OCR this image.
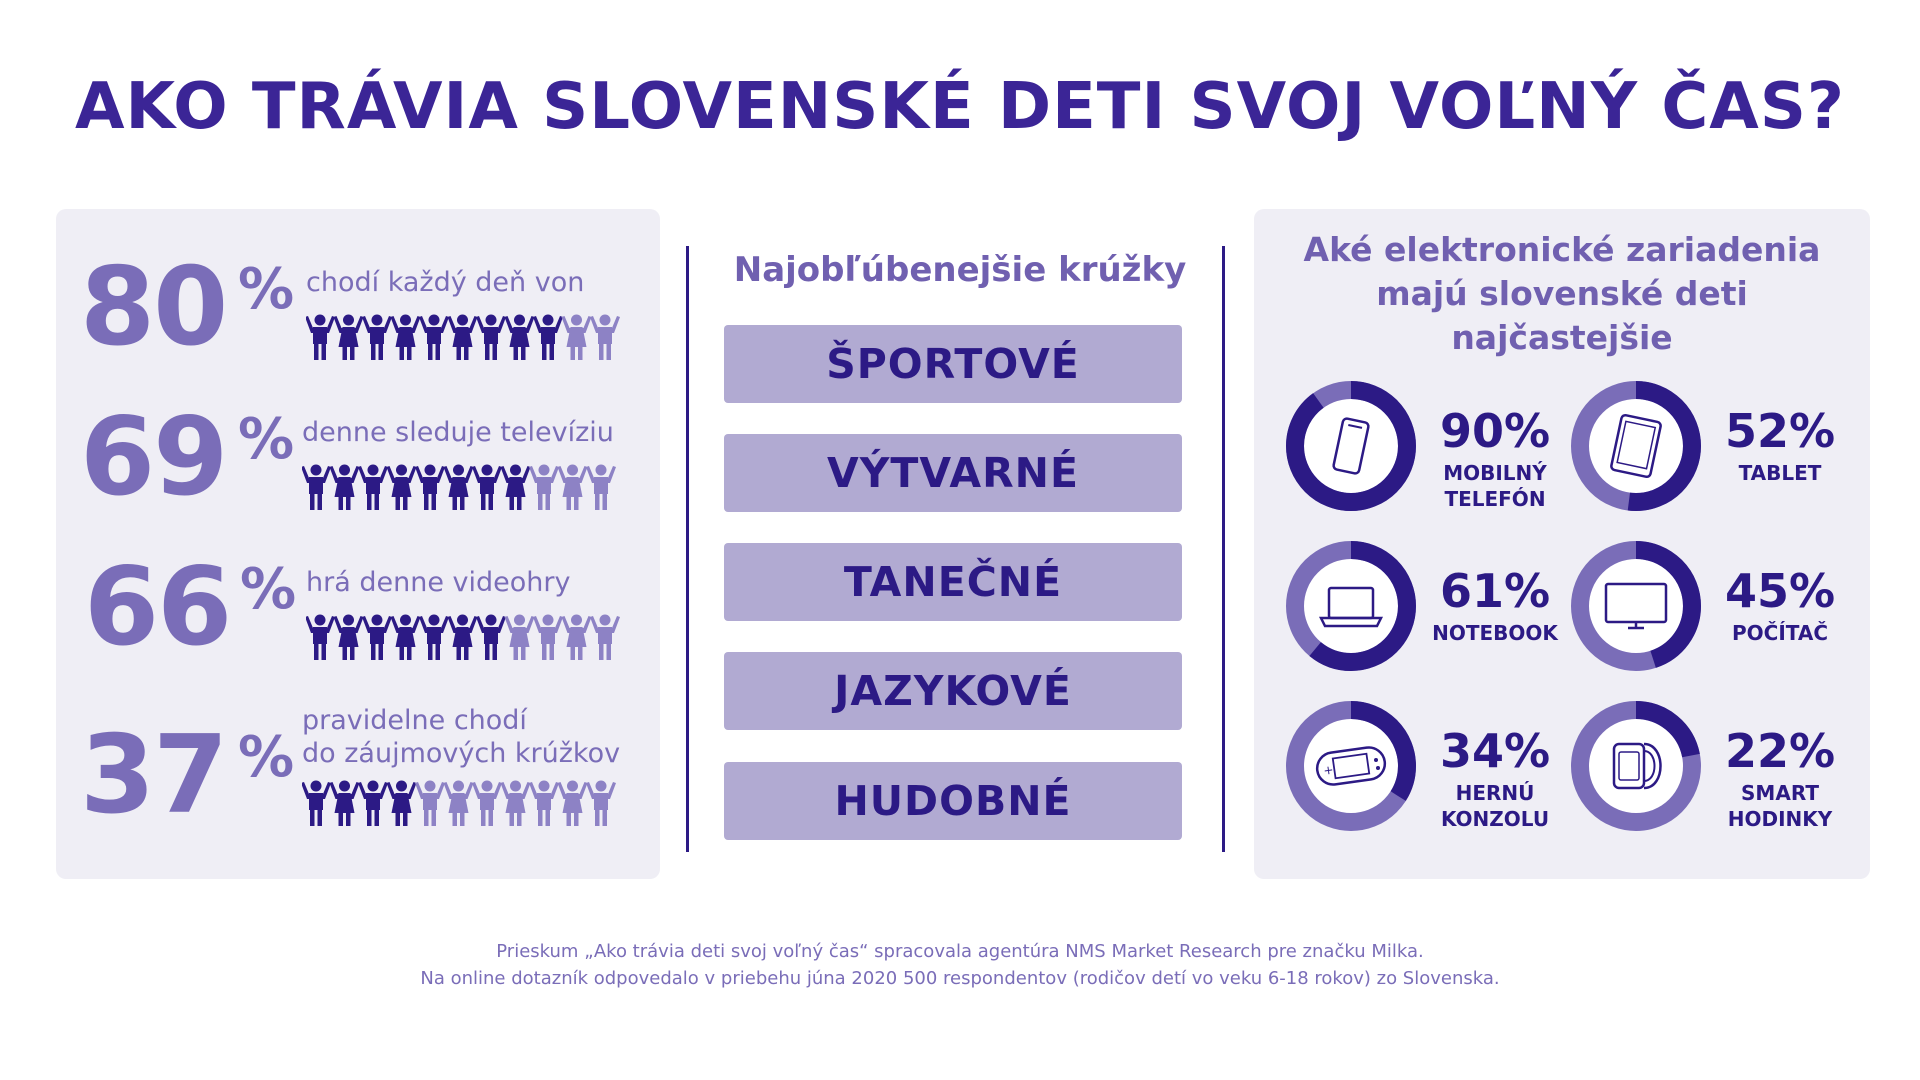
AKO TRÁVIA SLOVENSKÉ DETI SVOJ VOĽNÝ ČAS?
80 % chodí každý deň von
69 % denne sleduje televíziu
66 % hrá denne videohry
37 %
pravidelne chodí
do záujmových krúžkov
Najobľúbenejšie krúžky
ŠPORTOVÉ
VÝTVARNÉ
TANEČNÉ
JAZYKOVÉ
HUDOBNÉ
Aké elektronické zariadenia
majú slovenské deti
najčastejšie
90%
MOBILNÝ
TELEFÓN
52%
TABLET
61%
NOTEBOOK
45%
POČÍTAČ
+	34%
HERNÚ
KONZOLU
22%
SMART
HODINKY
Prieskum „Ako trávia deti svoj voľný čas“ spracovala agentúra NMS Market Research pre značku Milka.
Na online dotazník odpovedalo v priebehu júna 2020 500 respondentov (rodičov detí vo veku 6-18 rokov) zo Slovenska.
